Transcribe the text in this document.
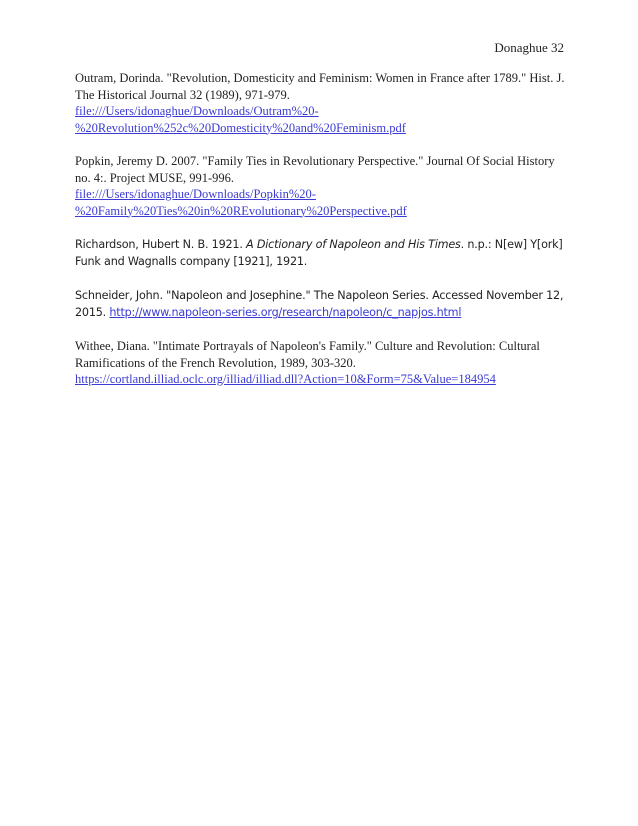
Donaghue 32
Outram, Dorinda. "Revolution, Domesticity and Feminism: Women in France after 1789." Hist. J. The Historical Journal 32 (1989), 971-979.
file:///Users/idonaghue/Downloads/Outram%20-
%20Revolution%252c%20Domesticity%20and%20Feminism.pdf
Popkin, Jeremy D. 2007. "Family Ties in Revolutionary Perspective." Journal Of Social History no. 4:. Project MUSE, 991-996.
file:///Users/idonaghue/Downloads/Popkin%20-
%20Family%20Ties%20in%20REvolutionary%20Perspective.pdf
Richardson, Hubert N. B. 1921. A Dictionary of Napoleon and His Times. n.p.: N[ew] Y[ork] Funk and Wagnalls company [1921], 1921.
Schneider, John. "Napoleon and Josephine." The Napoleon Series. Accessed November 12, 2015. http://www.napoleon-series.org/research/napoleon/c_napjos.html
Withee, Diana. "Intimate Portrayals of Napoleon's Family." Culture and Revolution: Cultural Ramifications of the French Revolution, 1989, 303-320.
https://cortland.illiad.oclc.org/illiad/illiad.dll?Action=10&Form=75&Value=184954
